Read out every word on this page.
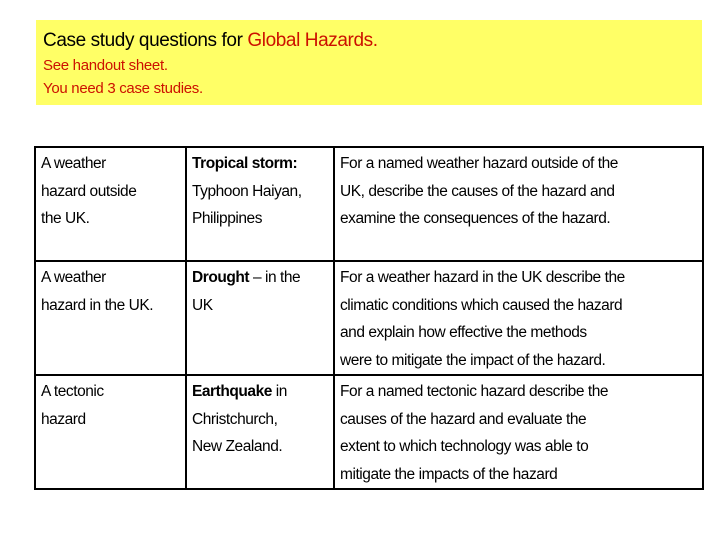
Case study questions for Global Hazards.
See handout sheet.
You need 3 case studies.
A weather
hazard outside
the UK.	Tropical storm:
Typhoon Haiyan,
Philippines	For a named weather hazard outside of the
UK, describe the causes of the hazard and
examine the consequences of the hazard.

A weather
hazard in the UK.	Drought – in the
UK	For a weather hazard in the UK describe the
climatic conditions which caused the hazard
and explain how effective the methods
were to mitigate the impact of the hazard.

A tectonic
hazard	Earthquake in
Christchurch,
New Zealand.	For a named tectonic hazard describe the
causes of the hazard and evaluate the
extent to which technology was able to
mitigate the impacts of the hazard
